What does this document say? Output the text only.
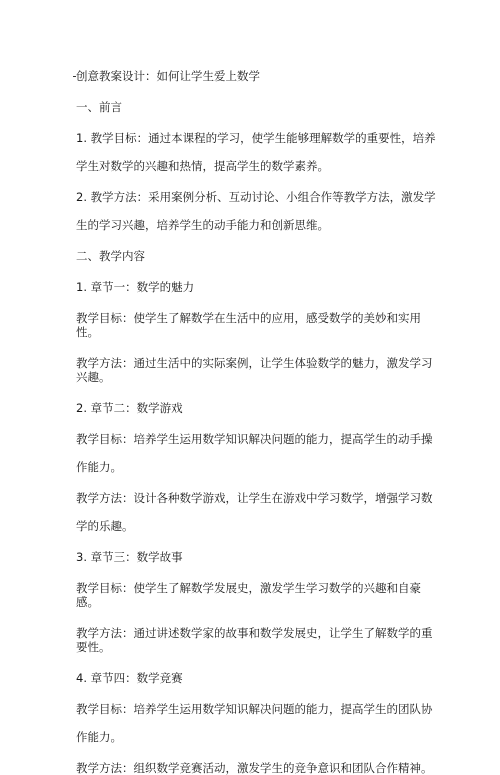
创意教案设计：如何让学生爱上数学
一、前言
1. 教学目标：通过本课程的学习，使学生能够理解数学的重要性，培养学生对数学的兴趣和热情，提高学生的数学素养。
2. 教学方法：采用案例分析、互动讨论、小组合作等教学方法，激发学生的学习兴趣，培养学生的动手能力和创新思维。
二、教学内容
1. 章节一：数学的魅力
教学目标：使学生了解数学在生活中的应用，感受数学的美妙和实用性。
教学方法：通过生活中的实际案例，让学生体验数学的魅力，激发学习兴趣。
2. 章节二：数学游戏
教学目标：培养学生运用数学知识解决问题的能力，提高学生的动手操作能力。
教学方法：设计各种数学游戏，让学生在游戏中学习数学，增强学习数学的乐趣。
3. 章节三：数学故事
教学目标：使学生了解数学发展史，激发学生学习数学的兴趣和自豪感。
教学方法：通过讲述数学家的故事和数学发展史，让学生了解数学的重要性。
4. 章节四：数学竞赛
教学目标：培养学生运用数学知识解决问题的能力，提高学生的团队协作能力。
教学方法：组织数学竞赛活动，激发学生的竞争意识和团队合作精神。
